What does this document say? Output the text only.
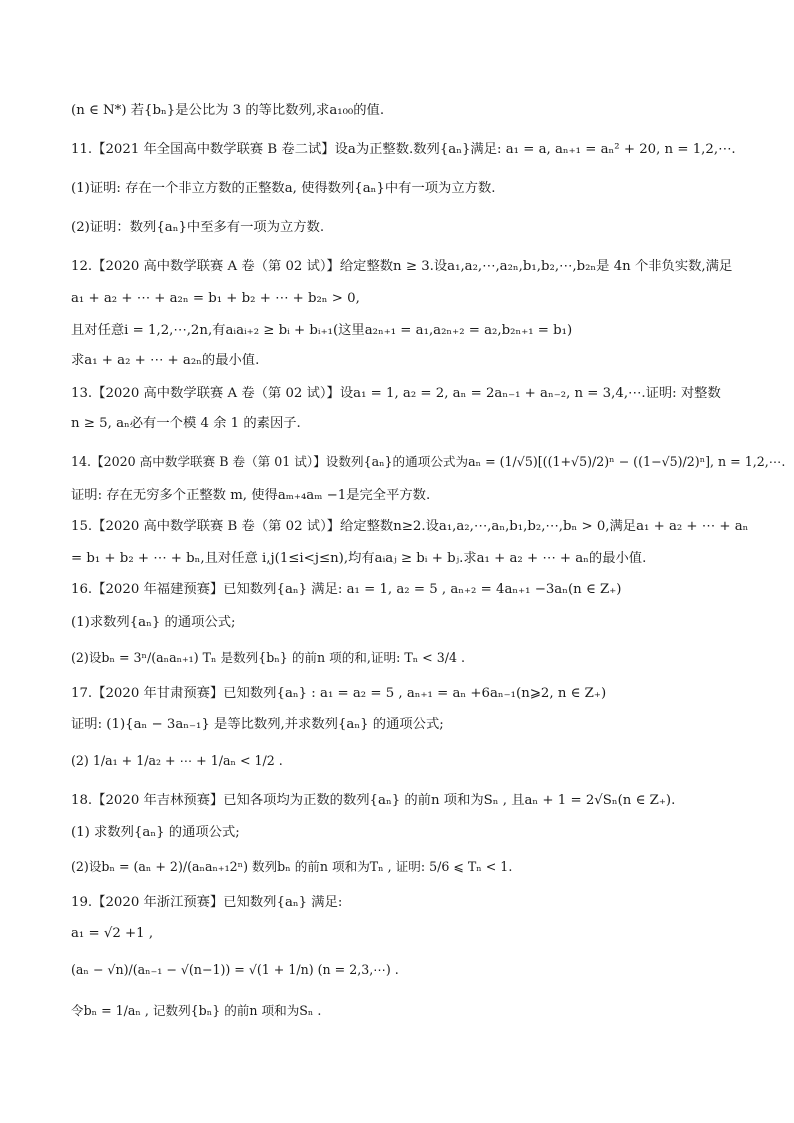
(n ∈ N*) 若{bₙ}是公比为 3 的等比数列,求a₁₀₀的值.
11.【2021 年全国高中数学联赛 B 卷二试】设a为正整数.数列{aₙ}满足: a₁ = a, aₙ₊₁ = aₙ² + 20, n = 1,2,⋯.
(1)证明: 存在一个非立方数的正整数a, 使得数列{aₙ}中有一项为立方数.
(2)证明：数列{aₙ}中至多有一项为立方数.
12.【2020 高中数学联赛 A 卷（第 02 试）】给定整数n ≥ 3.设a₁,a₂,⋯,a₂ₙ,b₁,b₂,⋯,b₂ₙ是 4n 个非负实数,满足
a₁ + a₂ + ⋯ + a₂ₙ = b₁ + b₂ + ⋯ + b₂ₙ > 0,
且对任意i = 1,2,⋯,2n,有aᵢaᵢ₊₂ ≥ bᵢ + bᵢ₊₁(这里a₂ₙ₊₁ = a₁,a₂ₙ₊₂ = a₂,b₂ₙ₊₁ = b₁)
求a₁ + a₂ + ⋯ + a₂ₙ的最小值.
13.【2020 高中数学联赛 A 卷（第 02 试）】设a₁ = 1, a₂ = 2, aₙ = 2aₙ₋₁ + aₙ₋₂, n = 3,4,⋯.证明: 对整数
n ≥ 5, aₙ必有一个模 4 余 1 的素因子.
14.【2020 高中数学联赛 B 卷（第 01 试）】设数列{aₙ}的通项公式为aₙ = (1/√5)[((1+√5)/2)ⁿ − ((1−√5)/2)ⁿ], n = 1,2,⋯.
证明: 存在无穷多个正整数 m, 使得aₘ₊₄aₘ −1是完全平方数.
15.【2020 高中数学联赛 B 卷（第 02 试）】给定整数n≥2.设a₁,a₂,⋯,aₙ,b₁,b₂,⋯,bₙ > 0,满足a₁ + a₂ + ⋯ + aₙ
= b₁ + b₂ + ⋯ + bₙ,且对任意 i,j(1≤i<j≤n),均有aᵢaⱼ ≥ bᵢ + bⱼ.求a₁ + a₂ + ⋯ + aₙ的最小值.
16.【2020 年福建预赛】已知数列{aₙ} 满足: a₁ = 1, a₂ = 5 , aₙ₊₂ = 4aₙ₊₁ −3aₙ(n ∈ Z₊)
(1)求数列{aₙ} 的通项公式;
(2)设bₙ = 3ⁿ/(aₙaₙ₊₁) Tₙ 是数列{bₙ} 的前n 项的和,证明: Tₙ < 3/4 .
17.【2020 年甘肃预赛】已知数列{aₙ} : a₁ = a₂ = 5 , aₙ₊₁ = aₙ +6aₙ₋₁(n⩾2, n ∈ Z₊)
证明: (1){aₙ − 3aₙ₋₁} 是等比数列,并求数列{aₙ} 的通项公式;
(2) 1/a₁ + 1/a₂ + ⋯ + 1/aₙ < 1/2 .
18.【2020 年吉林预赛】已知各项均为正数的数列{aₙ} 的前n 项和为Sₙ , 且aₙ + 1 = 2√Sₙ(n ∈ Z₊).
(1) 求数列{aₙ} 的通项公式;
(2)设bₙ = (aₙ + 2)/(aₙaₙ₊₁2ⁿ) 数列bₙ 的前n 项和为Tₙ , 证明: 5/6 ⩽ Tₙ < 1.
19.【2020 年浙江预赛】已知数列{aₙ} 满足:
a₁ = √2 +1 ,
(aₙ − √n)/(aₙ₋₁ − √(n−1)) = √(1 + 1/n) (n = 2,3,⋯) .
令bₙ = 1/aₙ , 记数列{bₙ} 的前n 项和为Sₙ .
